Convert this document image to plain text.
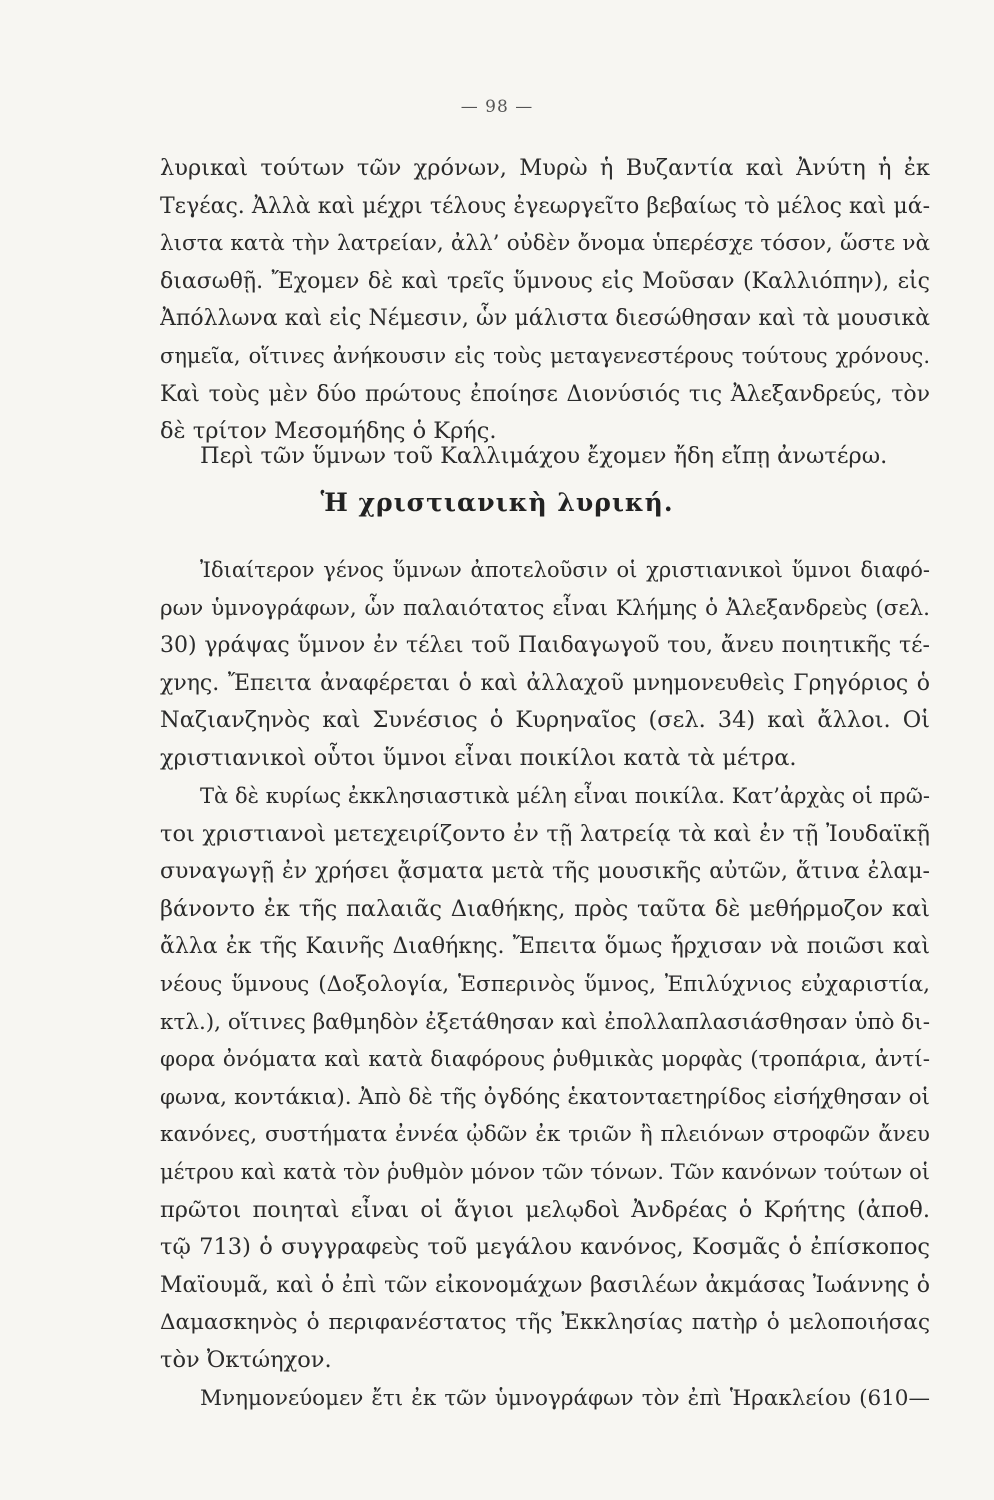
— 98 —
λυρικαὶ τούτων τῶν χρόνων, Μυρὼ ἡ Βυζαντία καὶ Ἀνύτη ἡ ἐκ
Τεγέας. Ἀλλὰ καὶ μέχρι τέλους ἐγεωργεῖτο βεβαίως τὸ μέλος καὶ μά-
λιστα κατὰ τὴν λατρείαν, ἀλλ’ οὐδὲν ὄνομα ὑπερέσχε τόσον, ὥστε νὰ
διασωθῇ. Ἔχομεν δὲ καὶ τρεῖς ὕμνους εἰς Μοῦσαν (Καλλιόπην), εἰς
Ἀπόλλωνα καὶ εἰς Νέμεσιν, ὧν μάλιστα διεσώθησαν καὶ τὰ μουσικὰ
σημεῖα, οἵτινες ἀνήκουσιν εἰς τοὺς μεταγενεστέρους τούτους χρόνους.
Καὶ τοὺς μὲν δύο πρώτους ἐποίησε Διονύσιός τις Ἀλεξανδρεύς, τὸν
δὲ τρίτον Μεσομήδης ὁ Κρής.
Περὶ τῶν ὕμνων τοῦ Καλλιμάχου ἔχομεν ἤδη εἴπῃ ἀνωτέρω.
Ἡ χριστιανικὴ λυρική.
Ἰδιαίτερον γένος ὕμνων ἀποτελοῦσιν οἱ χριστιανικοὶ ὕμνοι διαφό-
ρων ὑμνογράφων, ὧν παλαιότατος εἶναι Κλήμης ὁ Ἀλεξανδρεὺς (σελ.
30) γράψας ὕμνον ἐν τέλει τοῦ Παιδαγωγοῦ του, ἄνευ ποιητικῆς τέ-
χνης. Ἔπειτα ἀναφέρεται ὁ καὶ ἀλλαχοῦ μνημονευθεὶς Γρηγόριος ὁ
Ναζιανζηνὸς καὶ Συνέσιος ὁ Κυρηναῖος (σελ. 34) καὶ ἄλλοι. Οἱ
χριστιανικοὶ οὗτοι ὕμνοι εἶναι ποικίλοι κατὰ τὰ μέτρα.
Τὰ δὲ κυρίως ἐκκλησιαστικὰ μέλη εἶναι ποικίλα. Κατ’ἀρχὰς οἱ πρῶ-
τοι χριστιανοὶ μετεχειρίζοντο ἐν τῇ λατρείᾳ τὰ καὶ ἐν τῇ Ἰουδαϊκῇ
συναγωγῇ ἐν χρήσει ᾄσματα μετὰ τῆς μουσικῆς αὐτῶν, ἅτινα ἐλαμ-
βάνοντο ἐκ τῆς παλαιᾶς Διαθήκης, πρὸς ταῦτα δὲ μεθήρμοζον καὶ
ἄλλα ἐκ τῆς Καινῆς Διαθήκης. Ἔπειτα ὅμως ἤρχισαν νὰ ποιῶσι καὶ
νέους ὕμνους (Δοξολογία, Ἑσπερινὸς ὕμνος, Ἐπιλύχνιος εὐχαριστία,
κτλ.), οἵτινες βαθμηδὸν ἐξετάθησαν καὶ ἐπολλαπλασιάσθησαν ὑπὸ δι-
φορα ὀνόματα καὶ κατὰ διαφόρους ῥυθμικὰς μορφὰς (τροπάρια, ἀντί-
φωνα, κοντάκια). Ἀπὸ δὲ τῆς ὀγδόης ἑκατονταετηρίδος εἰσήχθησαν οἱ
κανόνες, συστήματα ἐννέα ᾠδῶν ἐκ τριῶν ἢ πλειόνων στροφῶν ἄνευ
μέτρου καὶ κατὰ τὸν ῥυθμὸν μόνον τῶν τόνων. Τῶν κανόνων τούτων οἱ
πρῶτοι ποιηταὶ εἶναι οἱ ἅγιοι μελῳδοὶ Ἀνδρέας ὁ Κρήτης (ἀποθ.
τῷ 713) ὁ συγγραφεὺς τοῦ μεγάλου κανόνος, Κοσμᾶς ὁ ἐπίσκοπος
Μαϊουμᾶ, καὶ ὁ ἐπὶ τῶν εἰκονομάχων βασιλέων ἀκμάσας Ἰωάννης ὁ
Δαμασκηνὸς ὁ περιφανέστατος τῆς Ἐκκλησίας πατὴρ ὁ μελοποιήσας
τὸν Ὀκτώηχον.
Μνημονεύομεν ἔτι ἐκ τῶν ὑμνογράφων τὸν ἐπὶ Ἡρακλείου (610—
